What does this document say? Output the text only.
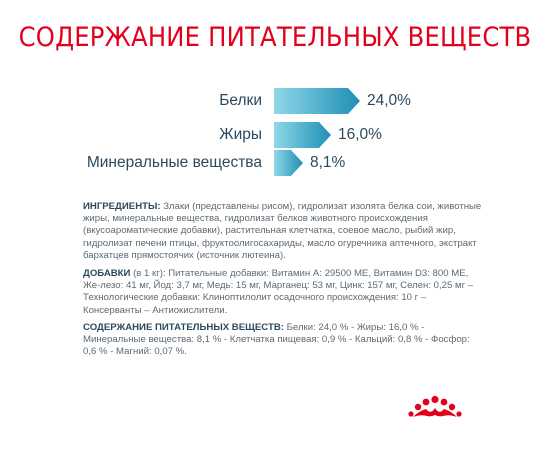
СОДЕРЖАНИЕ ПИТАТЕЛЬНЫХ ВЕЩЕСТВ
Белки	24,0%
Жиры	16,0%
Минеральные вещества	8,1%
ИНГРЕДИЕНТЫ: Злаки (представлены рисом), гидролизат изолята белка сои, животные жиры, минеральные вещества, гидролизат белков животного происхождения (вкусоароматические добавки), растительная клетчатка, соевое масло, рыбий жир, гидролизат печени птицы, фруктоолигосахариды, масло огуречника аптечного, экстракт бархатцев прямостоячих (источник лютеина).
ДОБАВКИ (в 1 кг): Питательные добавки: Витамин A: 29500 МЕ, Витамин D3: 800 МЕ, Же-лезо: 41 мг, Йод: 3,7 мг, Медь: 15 мг, Марганец: 53 мг, Цинк: 157 мг, Селен: 0,25 мг – Технологические добавки: Клиноптилолит осадочного происхождения: 10 г – Консерванты – Антиокислители.
СОДЕРЖАНИЕ ПИТАТЕЛЬНЫХ ВЕЩЕСТВ: Белки: 24,0 % - Жиры: 16,0 % - Минеральные вещества: 8,1 % - Клетчатка пищевая: 0,9 % - Кальций: 0,8 % - Фосфор: 0,6 % - Магний: 0,07 %.
